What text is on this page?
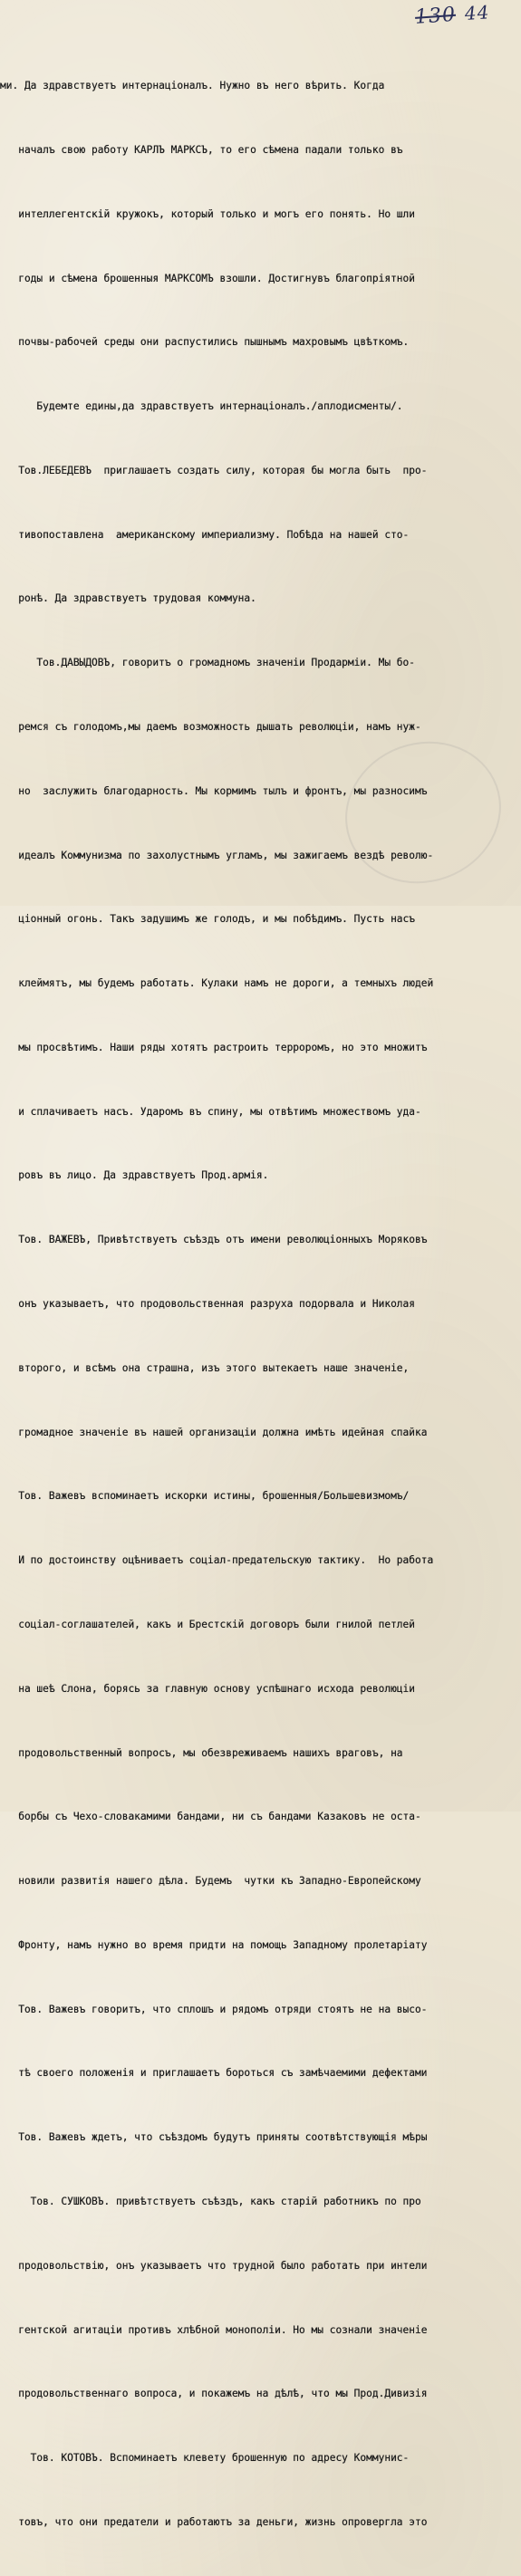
130 44

ми. Да здравствуетъ интернаціоналъ. Нужно въ него вѣрить. Когда

началъ свою работу КАРЛЪ МАРКСЪ, то его сѣмена падали только въ

интеллегентскій кружокъ, который только и могъ его понять. Но шли

годы и сѣмена брошенныя МАРКСОМЪ взошли. Достигнувъ благопріятной

почвы-рабочей среды они распустились пышнымъ махровымъ цвѣткомъ.

Будемте едины,да здравствуетъ интернаціоналъ./аплодисменты/.

Тов.ЛЕБЕДЕВЪ  приглашаетъ создать силу, которая бы могла быть  про-

тивопоставлена  американскому империализму. Побѣда на нашей сто-

ронѣ. Да здравствуетъ трудовая коммуна.

Тов.ДАВЫДОВЪ, говоритъ о громадномъ значеніи Продарміи. Мы бо-

ремся съ голодомъ,мы даемъ возможность дышать революціи, намъ нуж-

но  заслужить благодарность. Мы кормимъ тылъ и фронтъ, мы разносимъ

идеалъ Коммунизма по захолустнымъ угламъ, мы зажигаемъ вездѣ револю-

ціонный огонь. Такъ задушимъ же голодъ, и мы побѣдимъ. Пусть насъ

клеймятъ, мы будемъ работать. Кулаки намъ не дороги, а темныхъ людей

мы просвѣтимъ. Наши ряды хотятъ растроить терроромъ, но это множитъ

и сплачиваетъ насъ. Ударомъ въ спину, мы отвѣтимъ множествомъ уда-

ровъ въ лицо. Да здравствуетъ Прод.армія.

Тов. ВАЖЕВЪ, Привѣтствуетъ съѣздъ отъ имени революціонныхъ Моряковъ

онъ указываетъ, что продовольственная разруха подорвала и Николая

второго, и всѣмъ она страшна, изъ этого вытекаетъ наше значеніе,

громадное значеніе въ нашей организаціи должна имѣть идейная спайка

Тов. Важевъ вспоминаетъ искорки истины, брошенныя/Большевизмомъ/

И по достоинству оцѣниваетъ соціал-предательскую тактику.  Но работа

соціал-соглашателей, какъ и Брестскій договоръ были гнилой петлей

на шеѣ Слона, борясь за главную основу успѣшнаго исхода революціи

продовольственный вопросъ, мы обезвреживаемъ нашихъ враговъ, на

борбы съ Чехо-словакамими бандами, ни съ бандами Казаковъ не оста-

новили развитія нашего дѣла. Будемъ  чутки къ Западно-Европейскому

Фронту, намъ нужно во время придти на помощь Западному пролетаріату

Тов. Важевъ говоритъ, что сплошъ и рядомъ отряди стоятъ не на высо-

тѣ своего положенія и приглашаетъ бороться съ замѣчаемими дефектами

Тов. Важевъ ждетъ, что съѣздомъ будутъ приняты соотвѣтствующія мѣры

Тов. СУШКОВЪ. привѣтствуетъ съѣздъ, какъ старій работникъ по про

продовольствію, онъ указываетъ что трудной было работать при интели

гентской агитаціи противъ хлѣбной монополіи. Но мы сознали значеніе

продовольственнаго вопроса, и покажемъ на дѣлѣ, что мы Прод.Дивизія

Тов. КОТОВЪ. Вспоминаетъ клевету брошенную по адресу Коммунис-

товъ, что они предатели и работаютъ за деньги, жизнь опровергла это
